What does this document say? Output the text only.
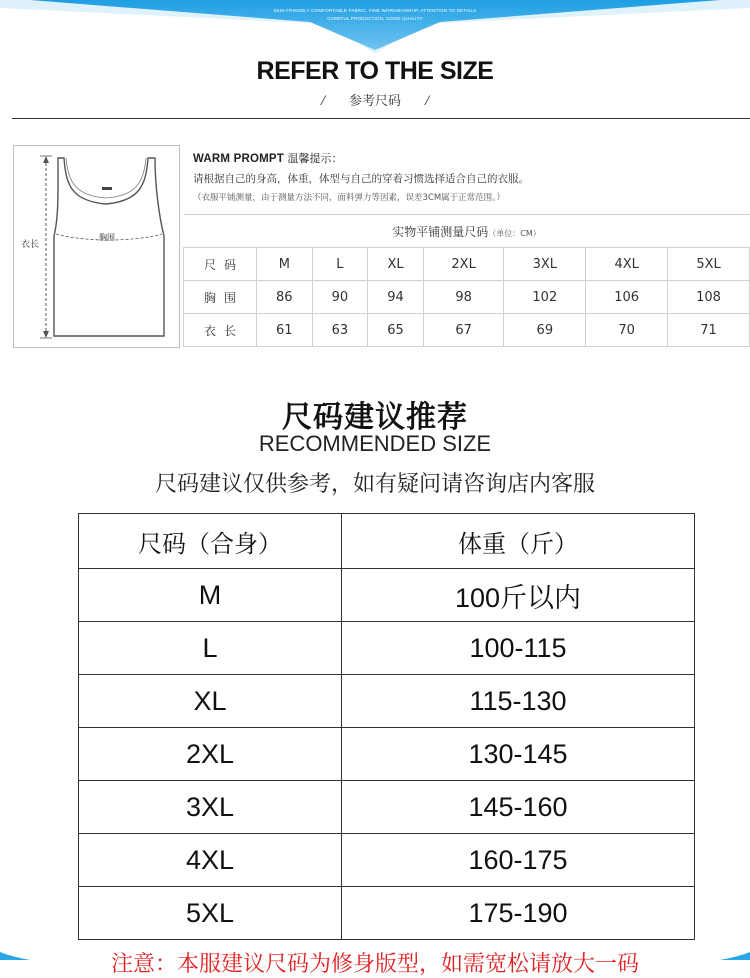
SKIN FRIENDLY COMFORTABLE FABRIC, FINE WORKMANSHIP, ATTENTION TO DETAILS
CAREFUL PRODUCTION, GOOD QUALITY
REFER TO THE SIZE
/ 参考尺码 /
衣长
胸围
WARM PROMPT 温馨提示：
请根据自己的身高，体重，体型与自己的穿着习惯选择适合自己的衣服。
（衣服平铺测量，由于测量方法不同，面料弹力等因素，误差3CM属于正常范围。）
实物平铺测量尺码（单位：CM）							
尺码	M	L	XL	2XL	3XL	4XL	5XL
胸围	86	90	94	98	102	106	108
衣长	61	63	65	67	69	70	71
尺码建议推荐
RECOMMENDED SIZE
尺码建议仅供参考，如有疑问请咨询店内客服
尺码（合身）	体重（斤）
M	100斤以内
L	100-115
XL	115-130
2XL	130-145
3XL	145-160
4XL	160-175
5XL	175-190
注意：本服建议尺码为修身版型，如需宽松请放大一码
